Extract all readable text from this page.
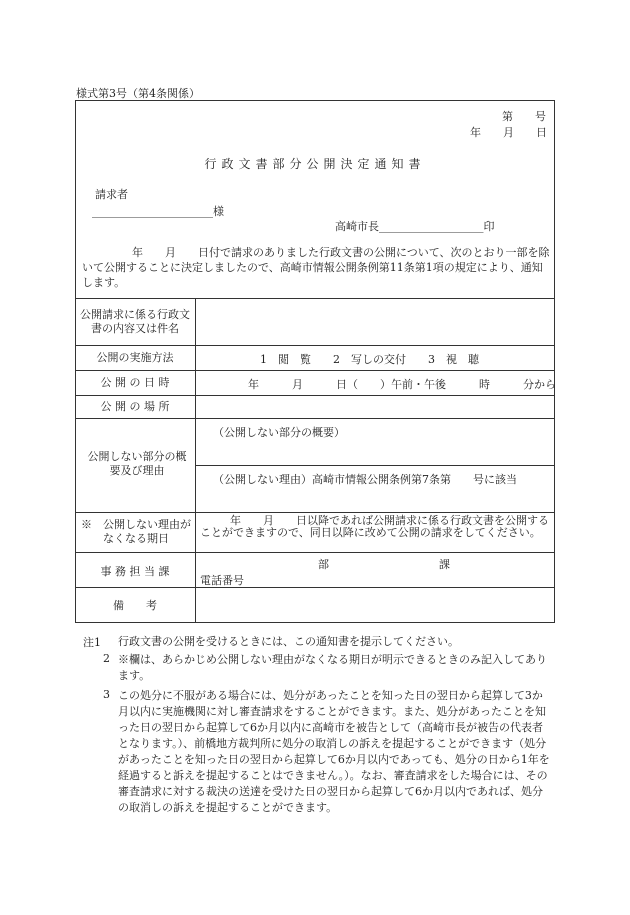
様式第3号（第4条関係）
第　　号
年　　月　　日
行政文書部分公開決定通知書
請求者
______________________様
高崎市長___________________印
年　　月　　日付で請求のありました行政文書の公開について、次のとおり一部を除いて公開することに決定しましたので、高崎市情報公開条例第11条第1項の規定により、通知します。
公開請求に係る行政文書の内容又は件名
公開の実施方法	1　閲　覧　　2　写しの交付　　3　視　聴
公 開 の 日 時	年　　　月　　　日（　　）午前・午後　　　時　　　分から
公 開 の 場 所
公開しない部分の概要及び理由
（公開しない部分の概要）
（公開しない理由）高崎市情報公開条例第7条第　　号に該当
※　公開しない理由がなくなる期日
年　　月　　日以降であれば公開請求に係る行政文書を公開することができますので、同日以降に改めて公開の請求をしてください。
事 務 担 当 課
部　　　　　　　　　　課
電話番号
備　　考
注1 行政文書の公開を受けるときには、この通知書を提示してください。
2 ※欄は、あらかじめ公開しない理由がなくなる期日が明示できるときのみ記入してあります。
3 この処分に不服がある場合には、処分があったことを知った日の翌日から起算して3か月以内に実施機関に対し審査請求をすることができます。また、処分があったことを知った日の翌日から起算して6か月以内に高崎市を被告として（高崎市長が被告の代表者となります。）、前橋地方裁判所に処分の取消しの訴えを提起することができます（処分があったことを知った日の翌日から起算して6か月以内であっても、処分の日から1年を経過すると訴えを提起することはできません。）。なお、審査請求をした場合には、その審査請求に対する裁決の送達を受けた日の翌日から起算して6か月以内であれば、処分の取消しの訴えを提起することができます。
